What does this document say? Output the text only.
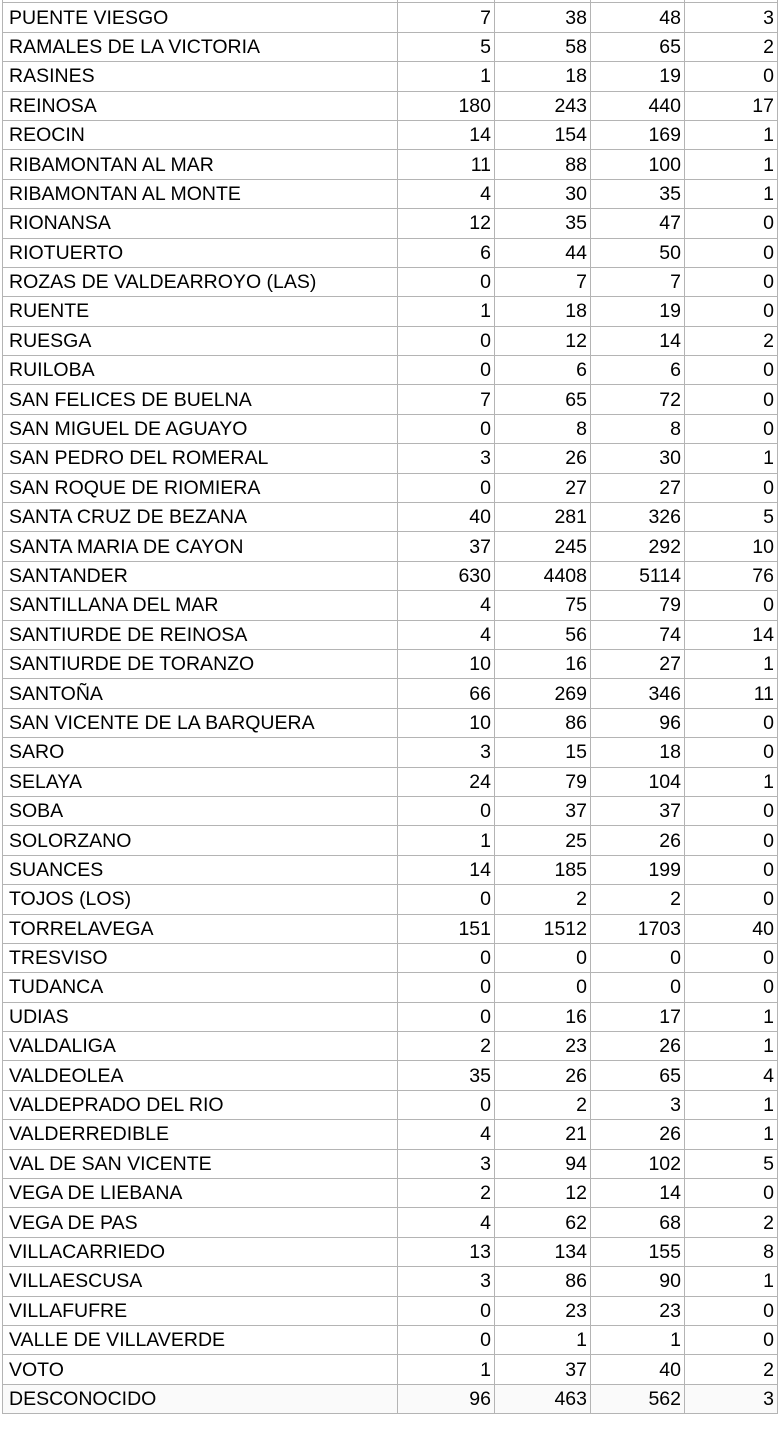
PUENTE VIESGO	7	38	48	3
RAMALES DE LA VICTORIA	5	58	65	2
RASINES	1	18	19	0
REINOSA	180	243	440	17
REOCIN	14	154	169	1
RIBAMONTAN AL MAR	11	88	100	1
RIBAMONTAN AL MONTE	4	30	35	1
RIONANSA	12	35	47	0
RIOTUERTO	6	44	50	0
ROZAS DE VALDEARROYO (LAS)	0	7	7	0
RUENTE	1	18	19	0
RUESGA	0	12	14	2
RUILOBA	0	6	6	0
SAN FELICES DE BUELNA	7	65	72	0
SAN MIGUEL DE AGUAYO	0	8	8	0
SAN PEDRO DEL ROMERAL	3	26	30	1
SAN ROQUE DE RIOMIERA	0	27	27	0
SANTA CRUZ DE BEZANA	40	281	326	5
SANTA MARIA DE CAYON	37	245	292	10
SANTANDER	630	4408	5114	76
SANTILLANA DEL MAR	4	75	79	0
SANTIURDE DE REINOSA	4	56	74	14
SANTIURDE DE TORANZO	10	16	27	1
SANTOÑA	66	269	346	11
SAN VICENTE DE LA BARQUERA	10	86	96	0
SARO	3	15	18	0
SELAYA	24	79	104	1
SOBA	0	37	37	0
SOLORZANO	1	25	26	0
SUANCES	14	185	199	0
TOJOS (LOS)	0	2	2	0
TORRELAVEGA	151	1512	1703	40
TRESVISO	0	0	0	0
TUDANCA	0	0	0	0
UDIAS	0	16	17	1
VALDALIGA	2	23	26	1
VALDEOLEA	35	26	65	4
VALDEPRADO DEL RIO	0	2	3	1
VALDERREDIBLE	4	21	26	1
VAL DE SAN VICENTE	3	94	102	5
VEGA DE LIEBANA	2	12	14	0
VEGA DE PAS	4	62	68	2
VILLACARRIEDO	13	134	155	8
VILLAESCUSA	3	86	90	1
VILLAFUFRE	0	23	23	0
VALLE DE VILLAVERDE	0	1	1	0
VOTO	1	37	40	2
DESCONOCIDO	96	463	562	3
